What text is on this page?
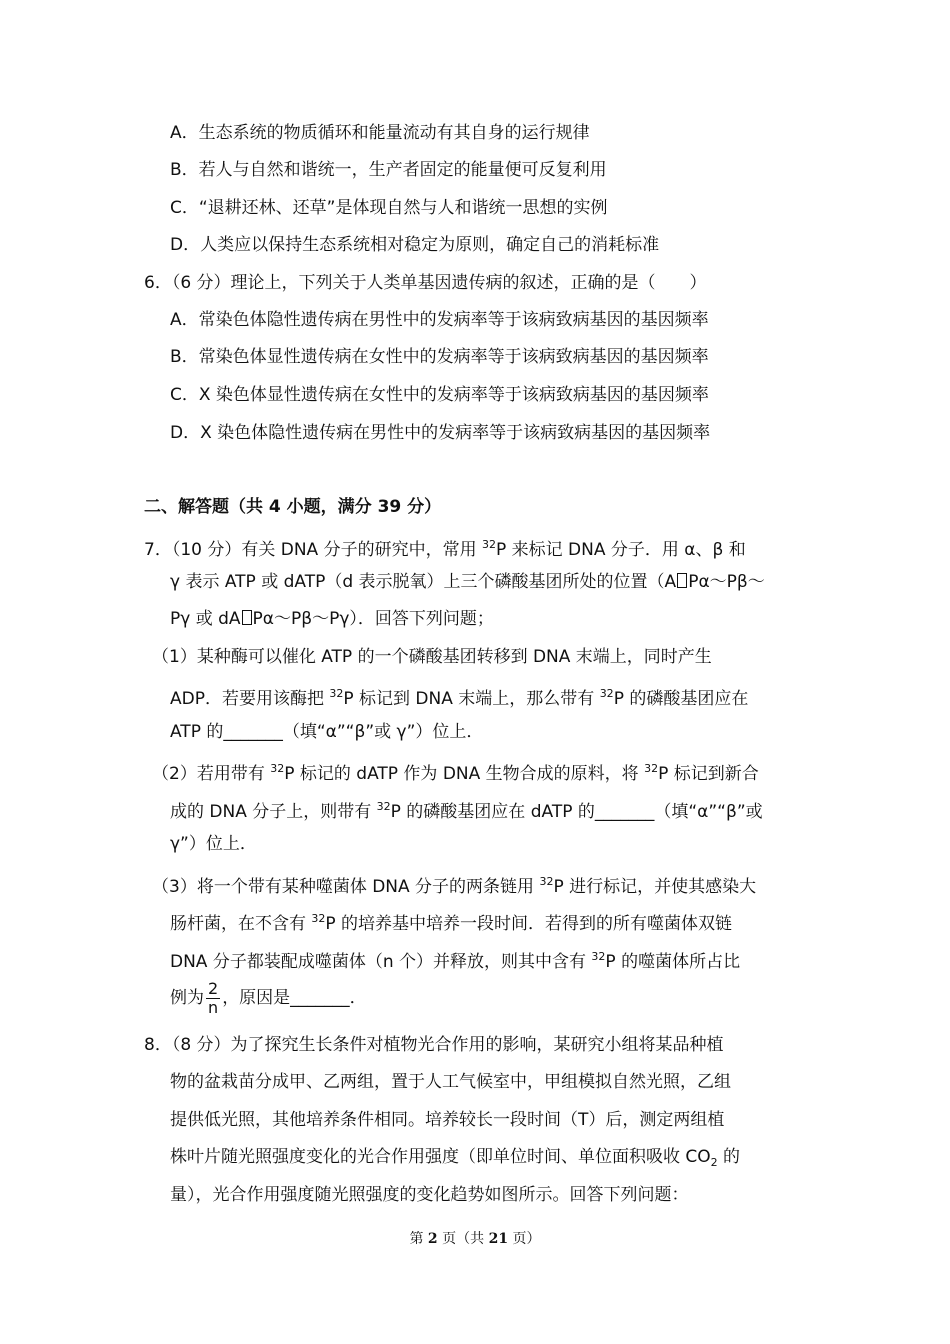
A．生态系统的物质循环和能量流动有其自身的运行规律
B．若人与自然和谐统一，生产者固定的能量便可反复利用
C．“退耕还林、还草”是体现自然与人和谐统一思想的实例
D．人类应以保持生态系统相对稳定为原则，确定自己的消耗标准
6．（6 分）理论上，下列关于人类单基因遗传病的叙述，正确的是（　　）
A．常染色体隐性遗传病在男性中的发病率等于该病致病基因的基因频率
B．常染色体显性遗传病在女性中的发病率等于该病致病基因的基因频率
C．X 染色体显性遗传病在女性中的发病率等于该病致病基因的基因频率
D．X 染色体隐性遗传病在男性中的发病率等于该病致病基因的基因频率
二、解答题（共 4 小题，满分 39 分）
7．（10 分）有关 DNA 分子的研究中，常用 $^{32}$P 来标记 DNA 分子．用 α、β 和
γ 表示 ATP 或 dATP（d 表示脱氧）上三个磷酸基团所处的位置（A Pα～Pβ～
Pγ 或 dA Pα～Pβ～Pγ）．回答下列问题；
（1）某种酶可以催化 ATP 的一个磷酸基团转移到 DNA 末端上，同时产生
ADP．若要用该酶把 $^{32}$P 标记到 DNA 末端上，那么带有 $^{32}$P 的磷酸基团应在
ATP 的_______（填“α”“β”或 γ”）位上．
（2）若用带有 $^{32}$P 标记的 dATP 作为 DNA 生物合成的原料，将 $^{32}$P 标记到新合
成的 DNA 分子上，则带有 $^{32}$P 的磷酸基团应在 dATP 的_______（填“α”“β”或
γ”）位上．
（3）将一个带有某种噬菌体 DNA 分子的两条链用 $^{32}$P 进行标记，并使其感染大
肠杆菌，在不含有 $^{32}$P 的培养基中培养一段时间．若得到的所有噬菌体双链
DNA 分子都装配成噬菌体（n 个）并释放，则其中含有 $^{32}$P 的噬菌体所占比
例为 $\frac{2}{n}$ ，原因是_______．
8．（8 分）为了探究生长条件对植物光合作用的影响，某研究小组将某品种植
物的盆栽苗分成甲、乙两组，置于人工气候室中，甲组模拟自然光照，乙组
提供低光照，其他培养条件相同。培养较长一段时间（T）后，测定两组植
株叶片随光照强度变化的光合作用强度（即单位时间、单位面积吸收 $CO_2$ 的
量），光合作用强度随光照强度的变化趋势如图所示。回答下列问题：
第 2 页（共 21 页）
